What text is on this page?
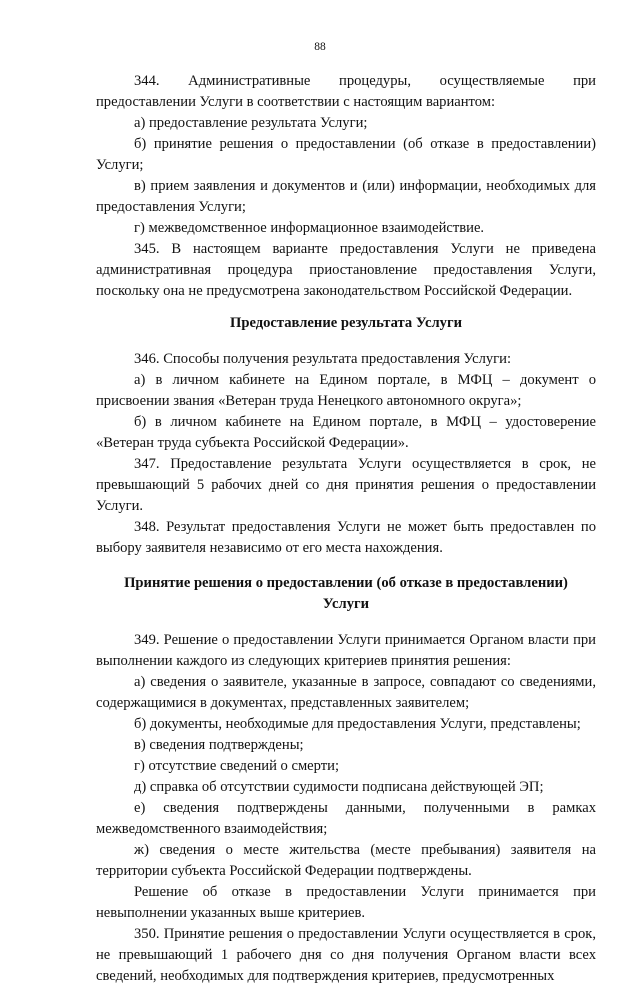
88

344. Административные процедуры, осуществляемые при предоставлении Услуги в соответствии с настоящим вариантом:

а) предоставление результата Услуги;

б) принятие решения о предоставлении (об отказе в предоставлении) Услуги;

в) прием заявления и документов и (или) информации, необходимых для предоставления Услуги;

г) межведомственное информационное взаимодействие.

345. В настоящем варианте предоставления Услуги не приведена административная процедура приостановление предоставления Услуги, поскольку она не предусмотрена законодательством Российской Федерации.

Предоставление результата Услуги

346. Способы получения результата предоставления Услуги:

а) в личном кабинете на Едином портале, в МФЦ – документ о присвоении звания «Ветеран труда Ненецкого автономного округа»;

б) в личном кабинете на Едином портале, в МФЦ – удостоверение «Ветеран труда субъекта Российской Федерации».

347. Предоставление результата Услуги осуществляется в срок, не превышающий 5 рабочих дней со дня принятия решения о предоставлении Услуги.

348. Результат предоставления Услуги не может быть предоставлен по выбору заявителя независимо от его места нахождения.

Принятие решения о предоставлении (об отказе в предоставлении) Услуги

349. Решение о предоставлении Услуги принимается Органом власти при выполнении каждого из следующих критериев принятия решения:

а) сведения о заявителе, указанные в запросе, совпадают со сведениями, содержащимися в документах, представленных заявителем;

б) документы, необходимые для предоставления Услуги, представлены;

в) сведения подтверждены;

г) отсутствие сведений о смерти;

д) справка об отсутствии судимости подписана действующей ЭП;

е) сведения подтверждены данными, полученными в рамках межведомственного взаимодействия;

ж) сведения о месте жительства (месте пребывания) заявителя на территории субъекта Российской Федерации подтверждены.

Решение об отказе в предоставлении Услуги принимается при невыполнении указанных выше критериев.

350. Принятие решения о предоставлении Услуги осуществляется в срок, не превышающий 1 рабочего дня со дня получения Органом власти всех сведений, необходимых для подтверждения критериев, предусмотренных
